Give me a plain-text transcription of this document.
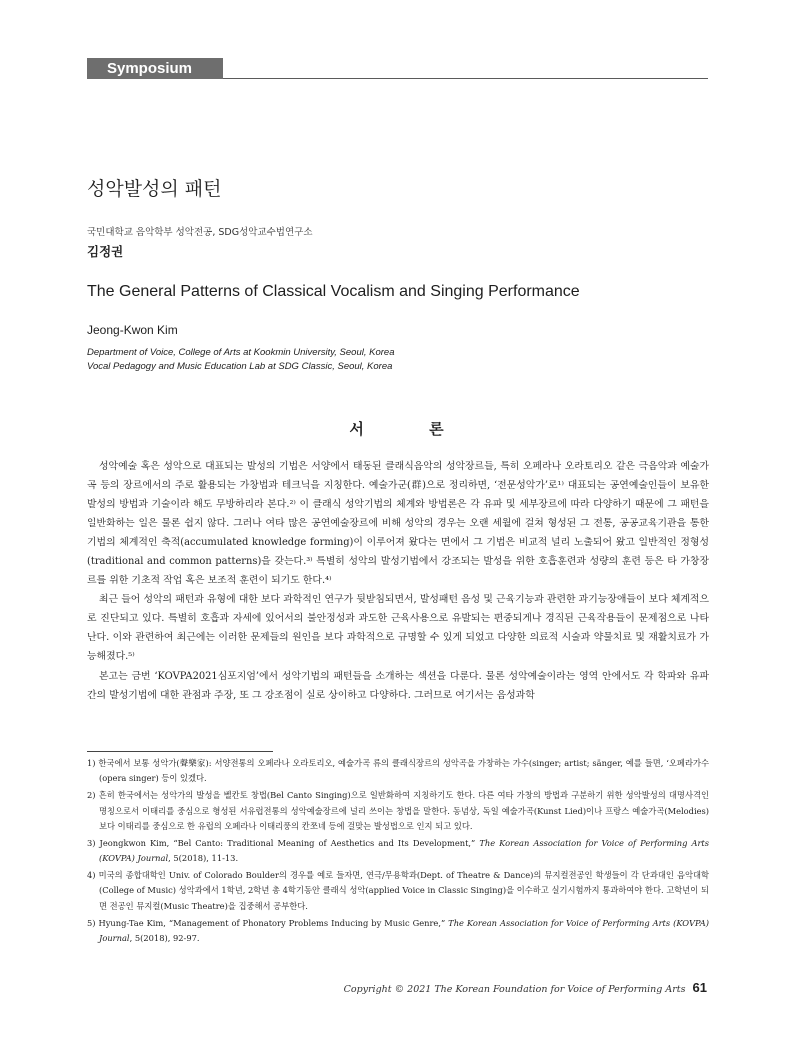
Symposium
성악발성의 패턴
국민대학교 음악학부 성악전공, SDG성악교수법연구소
김정권
The General Patterns of Classical Vocalism and Singing Performance
Jeong-Kwon Kim
Department of Voice, College of Arts at Kookmin University, Seoul, Korea
Vocal Pedagogy and Music Education Lab at SDG Classic, Seoul, Korea
서 론

성악예술 혹은 성악으로 대표되는 발성의 기법은 서양에서 태동된 클래식음악의 성악장르들, 특히 오페라나 오라토리오 같은 극음악과 예술가곡 등의 장르에서의 주로 활용되는 가창법과 테크닉을 지칭한다. 예술가군(群)으로 정리하면, ‘전문성악가’로¹⁾ 대표되는 공연예술인들이 보유한 발성의 방법과 기술이라 해도 무방하리라 본다.²⁾ 이 클래식 성악기법의 체계와 방법론은 각 유파 및 세부장르에 따라 다양하기 때문에 그 패턴을 일반화하는 일은 물론 쉽지 않다. 그러나 여타 많은 공연예술장르에 비해 성악의 경우는 오랜 세월에 걸쳐 형성된 그 전통, 공공교육기관을 통한 기법의 체계적인 축적(accumulated knowledge forming)이 이루어져 왔다는 면에서 그 기법은 비교적 널리 노출되어 왔고 일반적인 정형성(traditional and common patterns)을 갖는다.³⁾ 특별히 성악의 발성기법에서 강조되는 발성을 위한 호흡훈련과 성량의 훈련 등은 타 가창장르를 위한 기초적 작업 혹은 보조적 훈련이 되기도 한다.⁴⁾

최근 들어 성악의 패턴과 유형에 대한 보다 과학적인 연구가 뒷받침되면서, 발성패턴 음성 및 근육기능과 관련한 과기능장애들이 보다 체계적으로 진단되고 있다. 특별히 호흡과 자세에 있어서의 불안정성과 과도한 근육사용으로 유발되는 편중되게나 경직된 근육작용들이 문제점으로 나타난다. 이와 관련하여 최근에는 이러한 문제들의 원인을 보다 과학적으로 규명할 수 있게 되었고 다양한 의료적 시술과 약물치료 및 재활치료가 가능해졌다.⁵⁾

본고는 금번 ‘KOVPA2021심포지엄’에서 성악기법의 패턴들을 소개하는 섹션을 다룬다. 물론 성악예술이라는 영역 안에서도 각 학파와 유파 간의 발성기법에 대한 관점과 주장, 또 그 강조점이 실로 상이하고 다양하다. 그러므로 여기서는 음성과학

1) 한국에서 보통 성악가(聲樂家): 서양전통의 오페라나 오라토리오, 예술가곡 류의 클래식장르의 성악곡을 가창하는 가수(singer; artist; sänger, 예를 들면, ‘오페라가수(opera singer) 등이 있겠다.

2) 흔히 한국에서는 성악가의 발성을 벨칸토 창법(Bel Canto Singing)으로 일반화하여 지칭하기도 한다. 다른 여타 가창의 방법과 구분하기 위한 성악발성의 대명사격인 명칭으로서 이태리를 중심으로 형성된 서유럽전통의 성악예술장르에 널리 쓰이는 창법을 말한다. 동념상, 독일 예술가곡(Kunst Lied)이나 프랑스 예술가곡(Melodies) 보다 이태리를 중심으로 한 유럽의 오페라나 이태리풍의 칸쪼네 등에 걸맞는 발성법으로 인지 되고 있다.

3) Jeongkwon Kim, “Bel Canto: Traditional Meaning of Aesthetics and Its Development,” The Korean Association for Voice of Performing Arts (KOVPA) Journal, 5(2018), 11-13.

4) 미국의 종합대학인 Univ. of Colorado Boulder의 경우를 예로 들자면, 연극/무용학과(Dept. of Theatre & Dance)의 뮤지컬전공인 학생들이 각 단과대인 음악대학(College of Music) 성악과에서 1학년, 2학년 총 4학기동안 클래식 성악(applied Voice in Classic Singing)을 이수하고 실기시험까지 통과하여야 한다. 고학년이 되면 전공인 뮤지컬(Music Theatre)을 집중해서 공부한다.

5) Hyung-Tae Kim, “Management of Phonatory Problems Inducing by Music Genre,” The Korean Association for Voice of Performing Arts (KOVPA) Journal, 5(2018), 92-97.

Copyright © 2021 The Korean Foundation for Voice of Performing Arts 61
